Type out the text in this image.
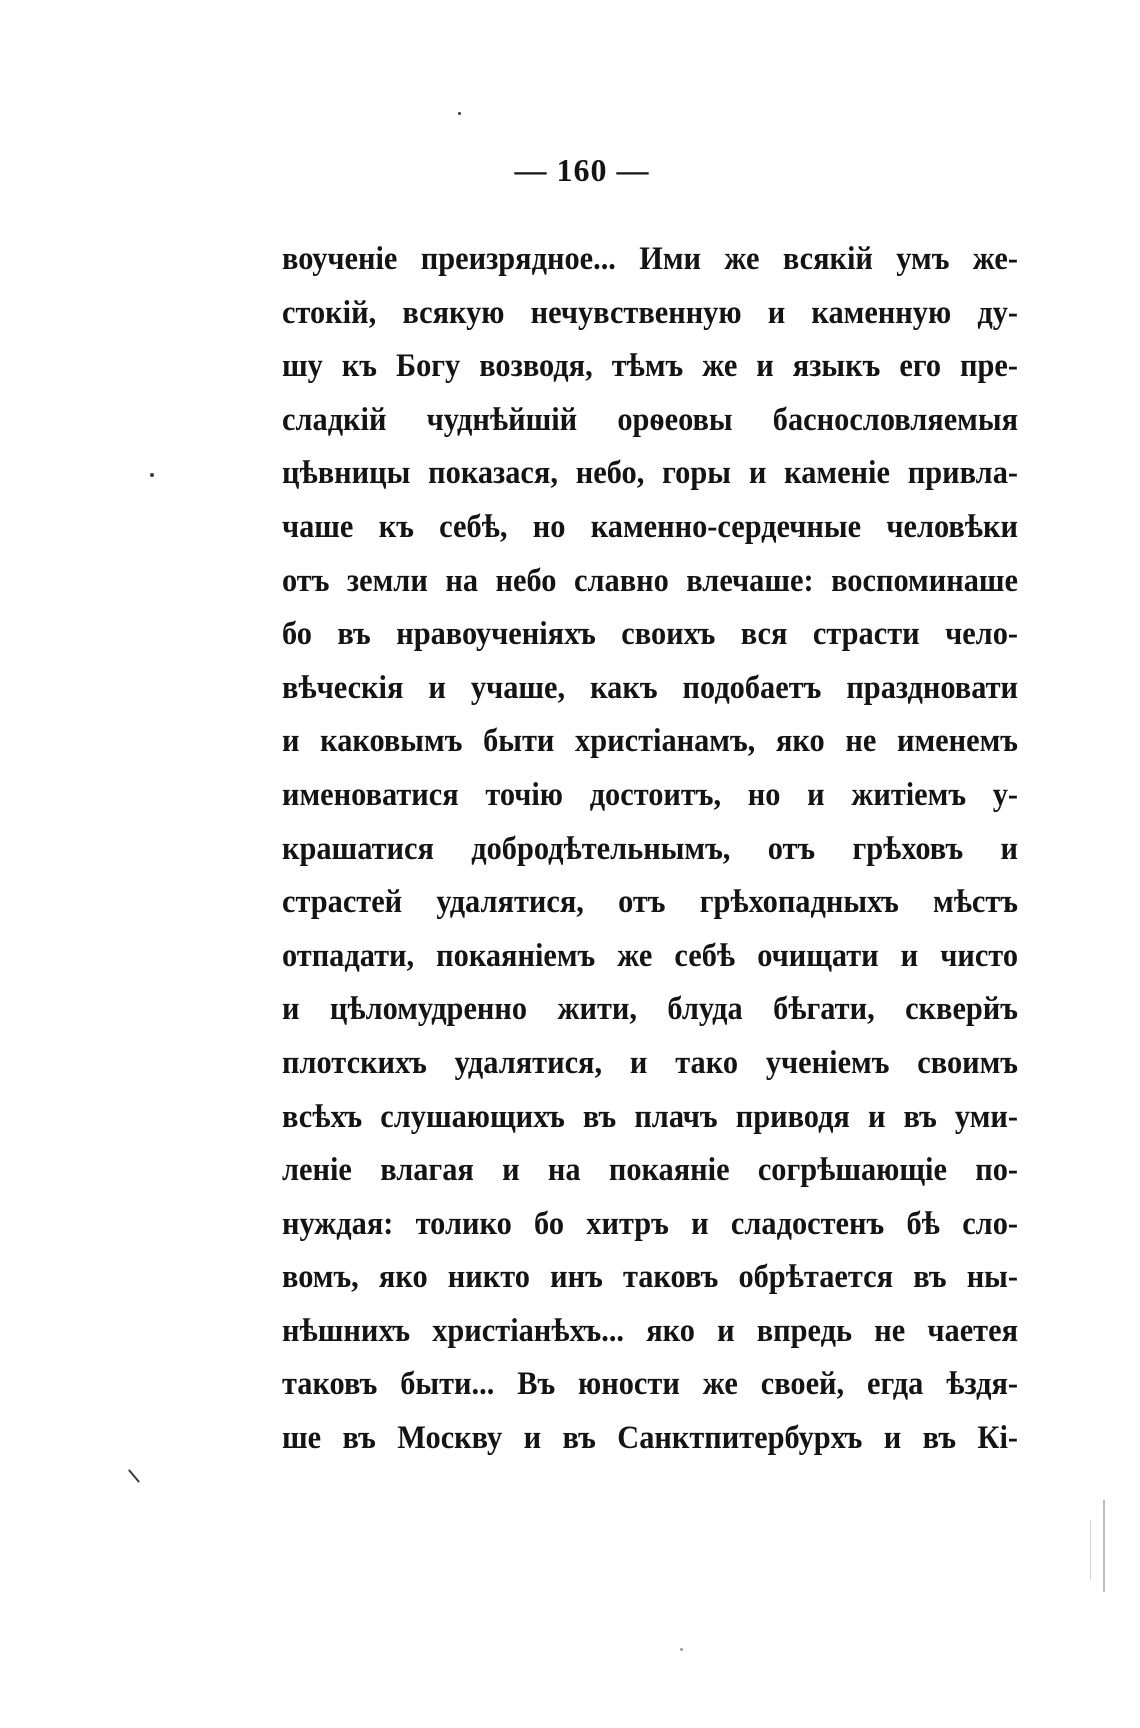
— 160 —
воученіе преизрядное... Ими же всякій умъ же-
стокій, всякую нечувственную и каменную ду-
шу къ Богу возводя, тѣмъ же и языкъ его пре-
сладкій чуднѣйшій орѳеовы баснословляемыя
цѣвницы показася, небо, горы и каменіе привла-
чаше къ себѣ, но каменно-сердечные человѣки
отъ земли на небо славно влечаше: воспоминаше
бо въ нравоученіяхъ своихъ вся страсти чело-
вѣческія и учаше, какъ подобаетъ праздновати
и каковымъ быти христіанамъ, яко не именемъ
именоватися точію достоитъ, но и житіемъ у-
крашатися добродѣтельнымъ, отъ грѣховъ и
страстей удалятися, отъ грѣхопадныхъ мѣстъ
отпадати, покаяніемъ же себѣ очищати и чисто
и цѣломудренно жити, блуда бѣгати, скверйъ
плотскихъ удалятися, и тако ученіемъ своимъ
всѣхъ слушающихъ въ плачъ приводя и въ уми-
леніе влагая и на покаяніе согрѣшающіе по-
нуждая: толико бо хитръ и сладостенъ бѣ сло-
вомъ, яко никто инъ таковъ обрѣтается въ ны-
нѣшнихъ христіанѣхъ... яко и впредь не чаетея
таковъ быти... Въ юности же своей, егда ѣздя-
ше въ Москву и въ Санктпитербурхъ и въ Кі-
